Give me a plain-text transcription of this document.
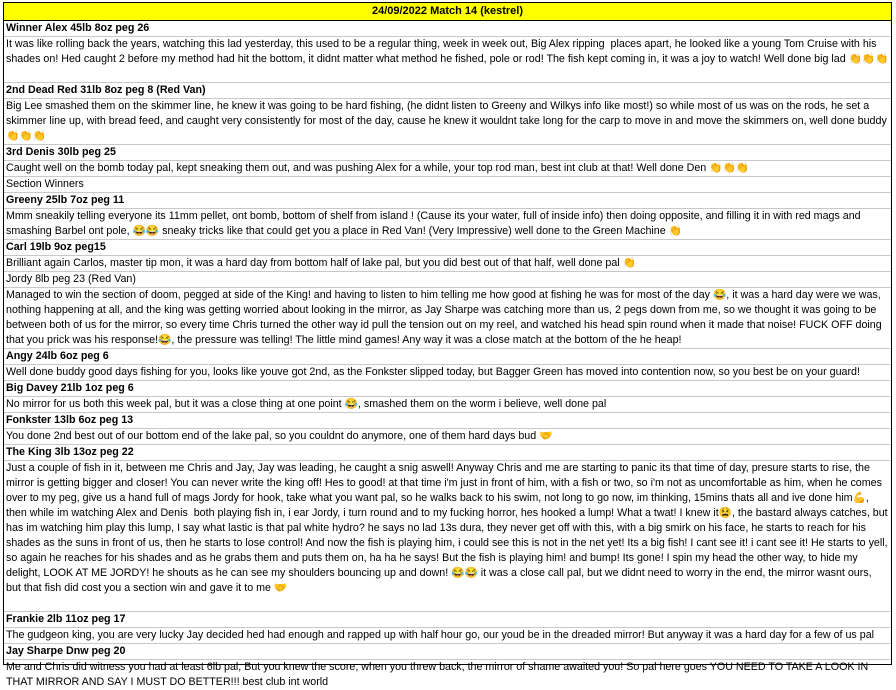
24/09/2022 Match 14 (kestrel)
Winner Alex 45lb 8oz peg 26
It was like rolling back the years, watching this lad yesterday, this used to be a regular thing, week in week out, Big Alex ripping  places apart, he looked like a young Tom Cruise with his shades on! Hed caught 2 before my method had hit the bottom, it didnt matter what method he fished, pole or rod! The fish kept coming in, it was a joy to watch! Well done big lad 👏👏👏
2nd Dead Red 31lb 8oz peg 8 (Red Van)
Big Lee smashed them on the skimmer line, he knew it was going to be hard fishing, (he didnt listen to Greeny and Wilkys info like most!) so while most of us was on the rods, he set a skimmer line up, with bread feed, and caught very consistently for most of the day, cause he knew it wouldnt take long for the carp to move in and move the skimmers on, well done buddy 👏👏👏
3rd Denis 30lb peg 25
Caught well on the bomb today pal, kept sneaking them out, and was pushing Alex for a while, your top rod man, best int club at that! Well done Den 👏👏👏
Section Winners
Greeny 25lb 7oz peg 11
Mmm sneakily telling everyone its 11mm pellet, ont bomb, bottom of shelf from island ! (Cause its your water, full of inside info) then doing opposite, and filling it in with red mags and smashing Barbel ont pole, 😂😂 sneaky tricks like that could get you a place in Red Van! (Very Impressive) well done to the Green Machine 👏
Carl 19lb 9oz peg15
Brilliant again Carlos, master tip mon, it was a hard day from bottom half of lake pal, but you did best out of that half, well done pal 👏
Jordy 8lb peg 23 (Red Van)
Managed to win the section of doom, pegged at side of the King! and having to listen to him telling me how good at fishing he was for most of the day 😂, it was a hard day were we was, nothing happening at all, and the king was getting worried about looking in the mirror, as Jay Sharpe was catching more than us, 2 pegs down from me, so we thought it was going to be between both of us for the mirror, so every time Chris turned the other way id pull the tension out on my reel, and watched his head spin round when it made that noise! FUCK OFF doing that you prick was his response!😂, the pressure was telling! The little mind games! Any way it was a close match at the bottom of the he heap!
Angy 24lb 6oz peg 6
Well done buddy good days fishing for you, looks like youve got 2nd, as the Fonkster slipped today, but Bagger Green has moved into contention now, so you best be on your guard!
Big Davey 21lb 1oz peg 6
No mirror for us both this week pal, but it was a close thing at one point 😂, smashed them on the worm i believe, well done pal
Fonkster 13lb 6oz peg 13
You done 2nd best out of our bottom end of the lake pal, so you couldnt do anymore, one of them hard days bud 🤝
The King 3lb 13oz peg 22
Just a couple of fish in it, between me Chris and Jay, Jay was leading, he caught a snig aswell! Anyway Chris and me are starting to panic its that time of day, presure starts to rise, the mirror is getting bigger and closer! You can never write the king off! Hes to good! at that time i'm just in front of him, with a fish or two, so i'm not as uncomfortable as him, when he comes over to my peg, give us a hand full of mags Jordy for hook, take what you want pal, so he walks back to his swim, not long to go now, im thinking, 15mins thats all and ive done him💪, then while im watching Alex and Denis  both playing fish in, i ear Jordy, i turn round and to my fucking horror, hes hooked a lump! What a twat! I knew it😫, the bastard always catches, but has im watching him play this lump, I say what lastic is that pal white hydro? he says no lad 13s dura, they never get off with this, with a big smirk on his face, he starts to reach for his shades as the suns in front of us, then he starts to lose control! And now the fish is playing him, i could see this is not in the net yet! Its a big fish! I cant see it! i cant see it! He starts to yell, so again he reaches for his shades and as he grabs them and puts them on, ha ha he says! But the fish is playing him! and bump! Its gone! I spin my head the other way, to hide my delight, LOOK AT ME JORDY! he shouts as he can see my shoulders bouncing up and down! 😂😂 it was a close call pal, but we didnt need to worry in the end, the mirror wasnt ours, but that fish did cost you a section win and gave it to me 🤝
Frankie 2lb 11oz peg 17
The gudgeon king, you are very lucky Jay decided hed had enough and rapped up with half hour go, our youd be in the dreaded mirror! But anyway it was a hard day for a few of us pal
Jay Sharpe Dnw peg 20
Me and Chris did witness you had at least 6lb pal, But you knew the score, when you threw back, the mirror of shame awaited you! So pal here goes YOU NEED TO TAKE A LOOK IN THAT MIRROR AND SAY I MUST DO BETTER!!! best club int world
